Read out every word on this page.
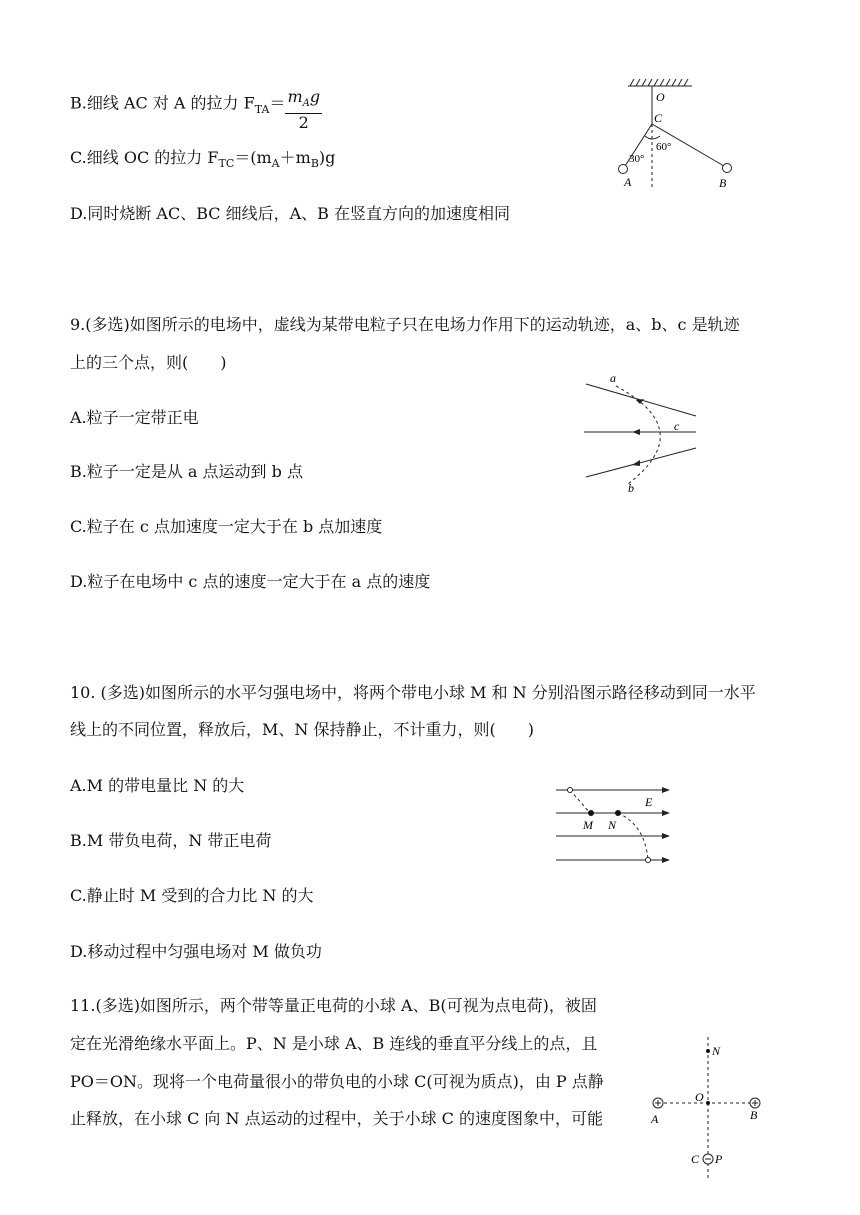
B.细线 AC 对 A 的拉力 $F_{TA}= m_Ag$
2
C.细线 OC 的拉力 $F_{TC}=(m_A+m_B)g$
D.同时烧断 AC、BC 细线后，A、B 在竖直方向的加速度相同
O
C
A	B
30°
60°
9.(多选)如图所示的电场中，虚线为某带电粒子只在电场力作用下的运动轨迹，a、b、c 是轨迹
上的三个点，则(　　)
A.粒子一定带正电
B.粒子一定是从 a 点运动到 b 点
C.粒子在 c 点加速度一定大于在 b 点加速度
D.粒子在电场中 c 点的速度一定大于在 a 点的速度
a
c
b
10. (多选)如图所示的水平匀强电场中，将两个带电小球 M 和 N 分别沿图示路径移动到同一水平
线上的不同位置，释放后，M、N 保持静止，不计重力，则(　　)
A.M 的带电量比 N 的大
B.M 带负电荷，N 带正电荷
C.静止时 M 受到的合力比 N 的大
D.移动过程中匀强电场对 M 做负功
E
M N
11.(多选)如图所示，两个带等量正电荷的小球 A、B(可视为点电荷)，被固
定在光滑绝缘水平面上。P、N 是小球 A、B 连线的垂直平分线上的点，且
PO＝ON。现将一个电荷量很小的带负电的小球 C(可视为质点)，由 P 点静
止释放，在小球 C 向 N 点运动的过程中，关于小球 C 的速度图象中，可能
N
O
A	B
C P
